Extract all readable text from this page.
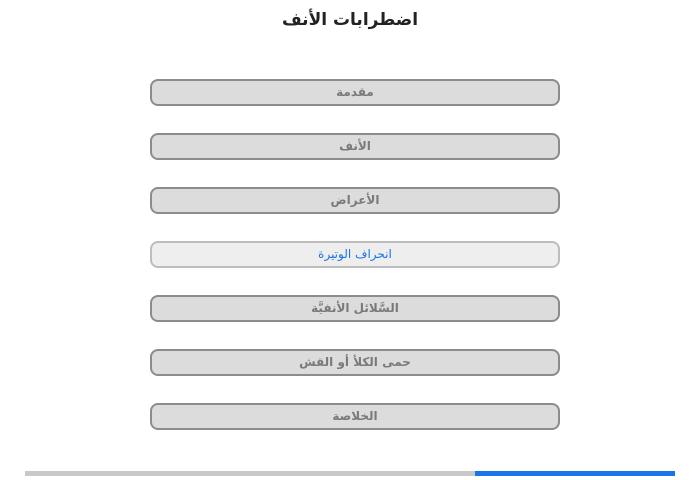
اضطرابات الأنف
مقدمة
الأنف
الأعراض
انحراف الوتيرة
السَّلائل الأنفيَّة
حمى الكلأ أو القش
الخلاصة
